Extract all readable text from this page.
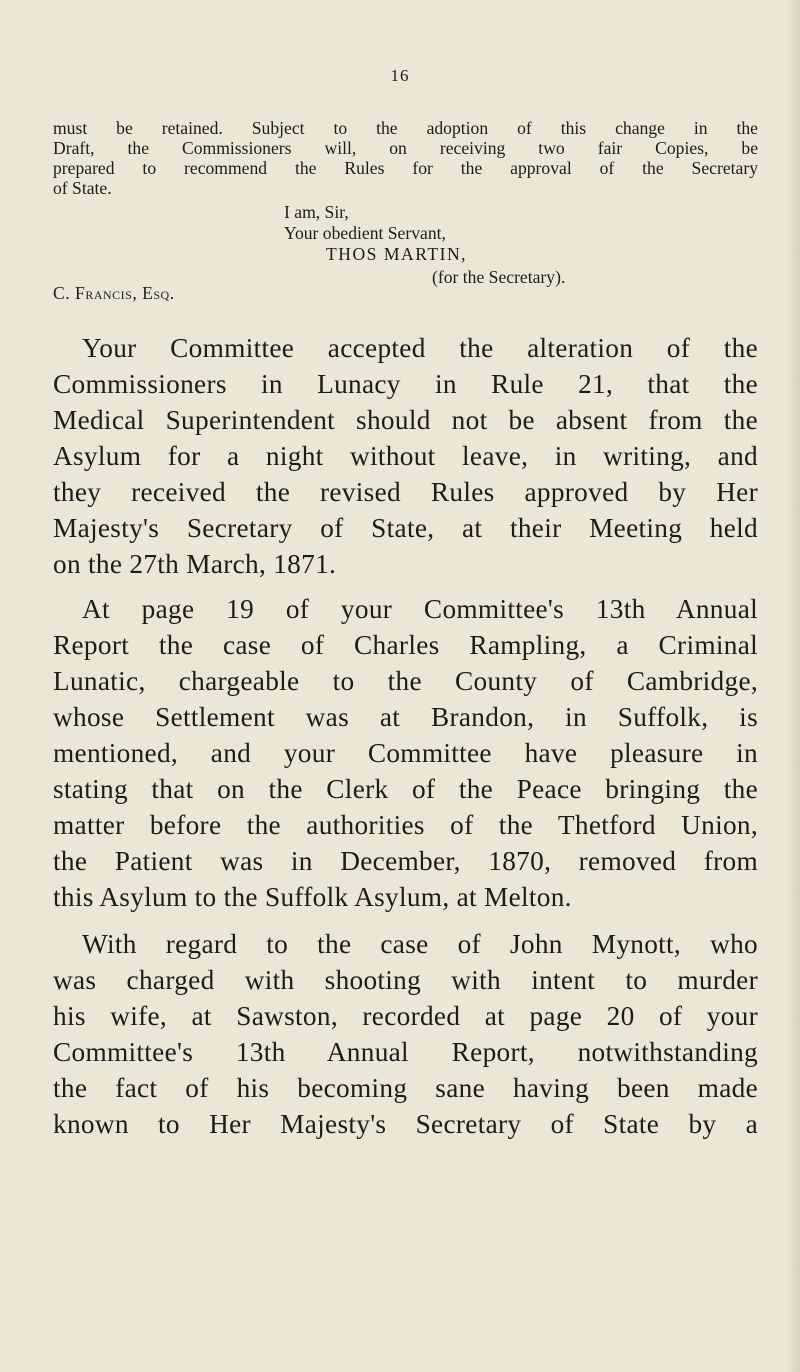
16

must be retained. Subject to the adoption of this change in the

Draft, the Commissioners will, on receiving two fair Copies, be

prepared to recommend the Rules for the approval of the Secretary

of State.

I am, Sir,
Your obedient Servant,
THOS MARTIN,
(for the Secretary).
C. Francis, Esq.
Your Committee accepted the alteration of the
Commissioners in Lunacy in Rule 21, that the
Medical Superintendent should not be absent from the
Asylum for a night without leave, in writing, and
they received the revised Rules approved by Her
Majesty's Secretary of State, at their Meeting held
on the 27th March, 1871.
At page 19 of your Committee's 13th Annual
Report the case of Charles Rampling, a Criminal
Lunatic, chargeable to the County of Cambridge,
whose Settlement was at Brandon, in Suffolk, is
mentioned, and your Committee have pleasure in
stating that on the Clerk of the Peace bringing the
matter before the authorities of the Thetford Union,
the Patient was in December, 1870, removed from
this Asylum to the Suffolk Asylum, at Melton.
With regard to the case of John Mynott, who
was charged with shooting with intent to murder
his wife, at Sawston, recorded at page 20 of your
Committee's 13th Annual Report, notwithstanding
the fact of his becoming sane having been made
known to Her Majesty's Secretary of State by a
